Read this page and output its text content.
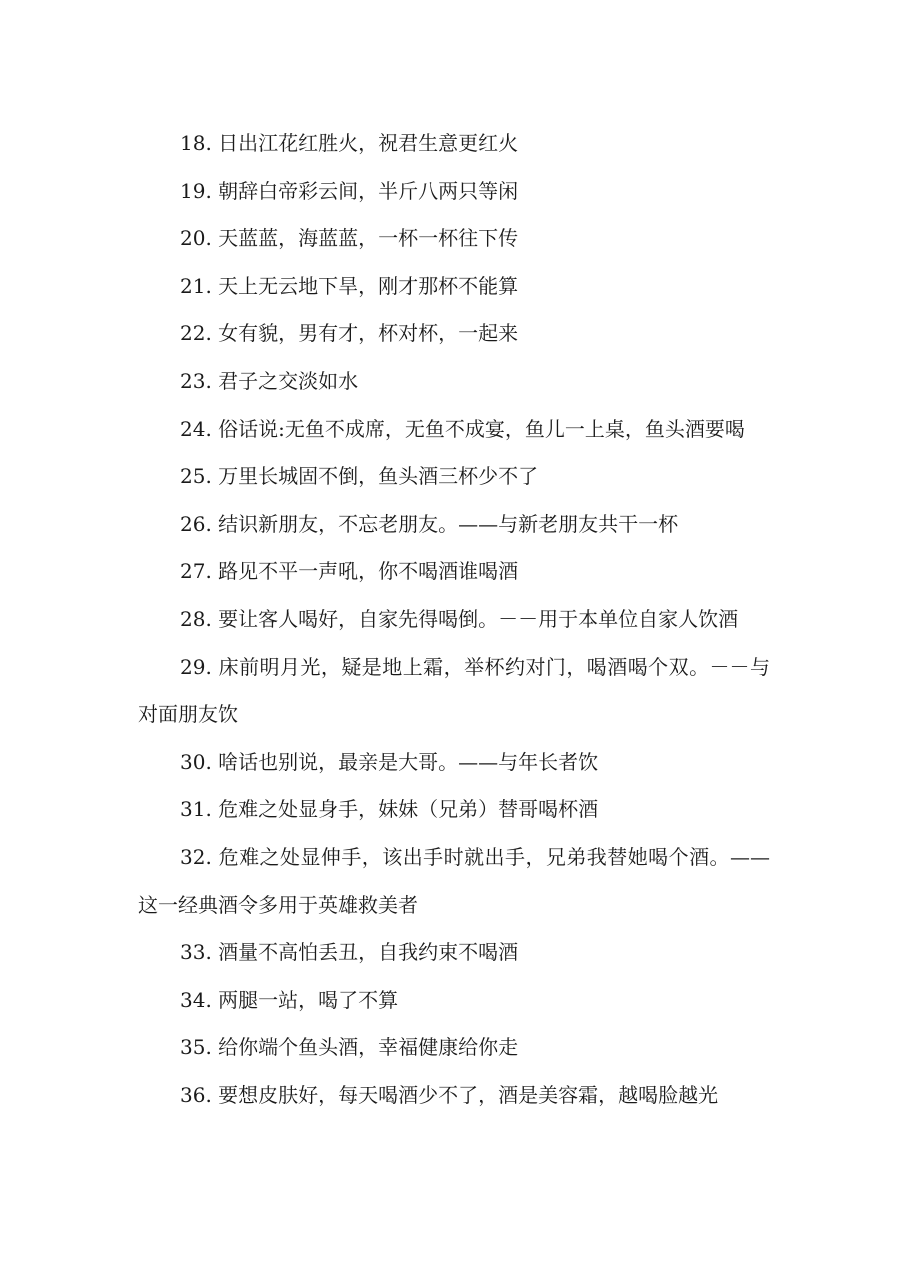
18. 日出江花红胜火，祝君生意更红火

19. 朝辞白帝彩云间，半斤八两只等闲

20. 天蓝蓝，海蓝蓝，一杯一杯往下传

21. 天上无云地下旱，刚才那杯不能算

22. 女有貌，男有才，杯对杯，一起来

23. 君子之交淡如水

24. 俗话说:无鱼不成席，无鱼不成宴，鱼儿一上桌，鱼头酒要喝

25. 万里长城固不倒，鱼头酒三杯少不了

26. 结识新朋友，不忘老朋友。——与新老朋友共干一杯

27. 路见不平一声吼，你不喝酒谁喝酒

28. 要让客人喝好，自家先得喝倒。－－用于本单位自家人饮酒

29. 床前明月光，疑是地上霜，举杯约对门，喝酒喝个双。－－与对面朋友饮

30. 啥话也别说，最亲是大哥。——与年长者饮

31. 危难之处显身手，妹妹（兄弟）替哥喝杯酒

32. 危难之处显伸手，该出手时就出手，兄弟我替她喝个酒。——这一经典酒令多用于英雄救美者

33. 酒量不高怕丢丑，自我约束不喝酒

34. 两腿一站，喝了不算

35. 给你端个鱼头酒，幸福健康给你走

36. 要想皮肤好，每天喝酒少不了，酒是美容霜，越喝脸越光
